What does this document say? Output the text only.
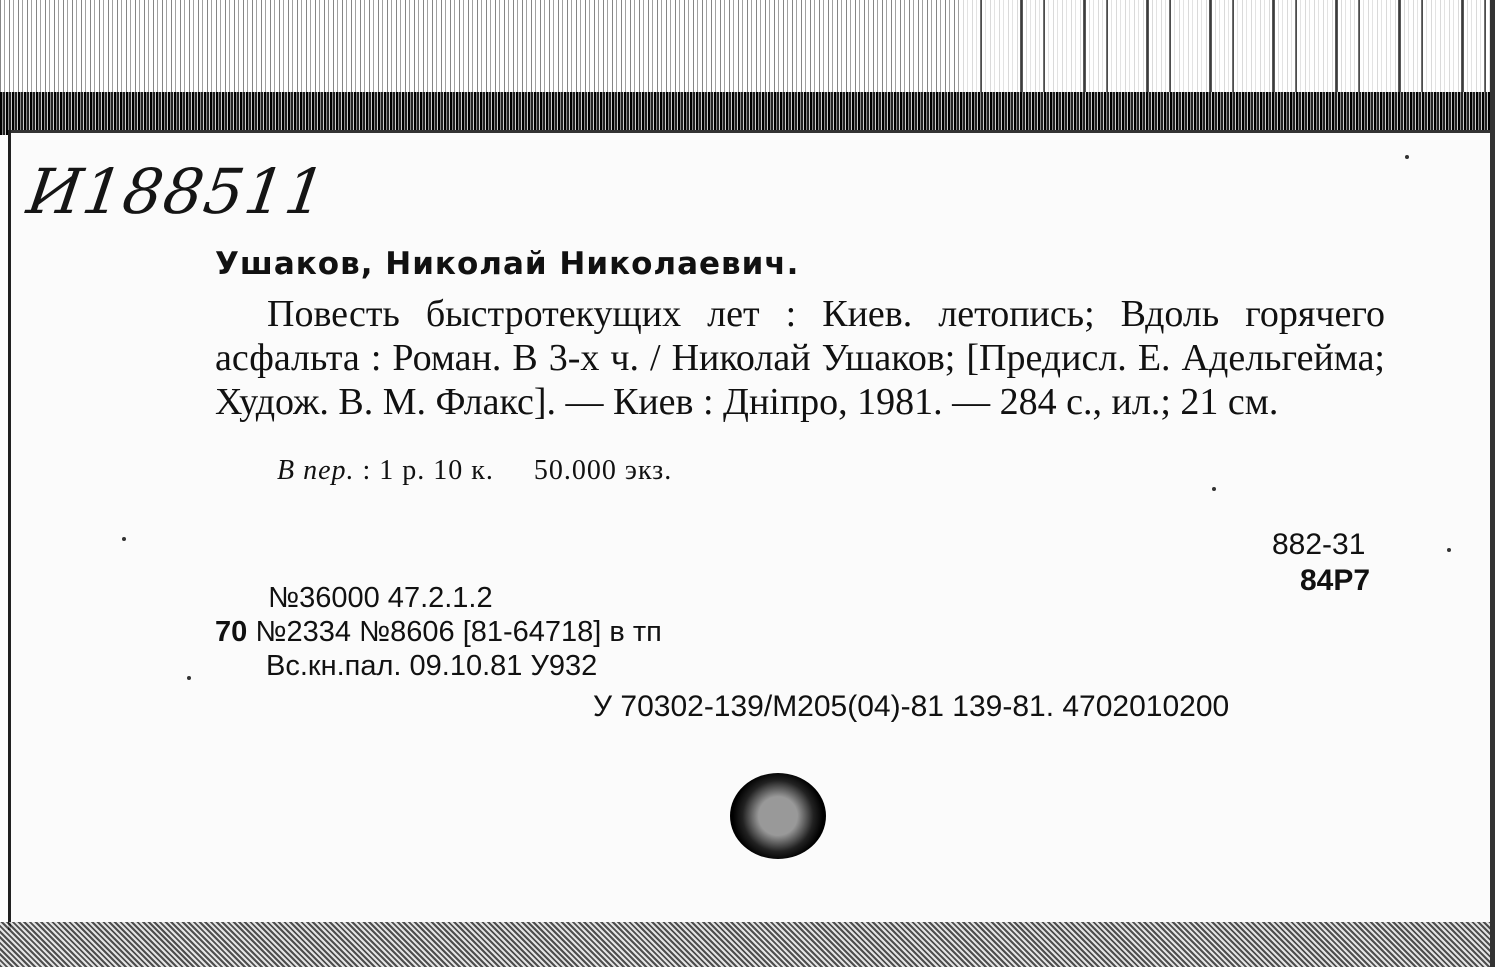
И188511
Ушаков, Николай Николаевич.
Повесть быстротекущих лет : Киев. летопись; Вдоль горячего асфальта : Роман. В 3-х ч. / Николай Ушаков; [Предисл. Е. Адельгейма; Худож. В. М. Флакс]. — Киев : Дніпро, 1981. — 284 с., ил.; 21 см.
В пер. : 1 р. 10 к. 50.000 экз.
882-31
84Р7
№36000 47.2.1.2
70 №2334 №8606 [81-64718] в тп
Вс.кн.пал. 09.10.81 У932
У 70302-139/М205(04)-81 139-81. 4702010200
